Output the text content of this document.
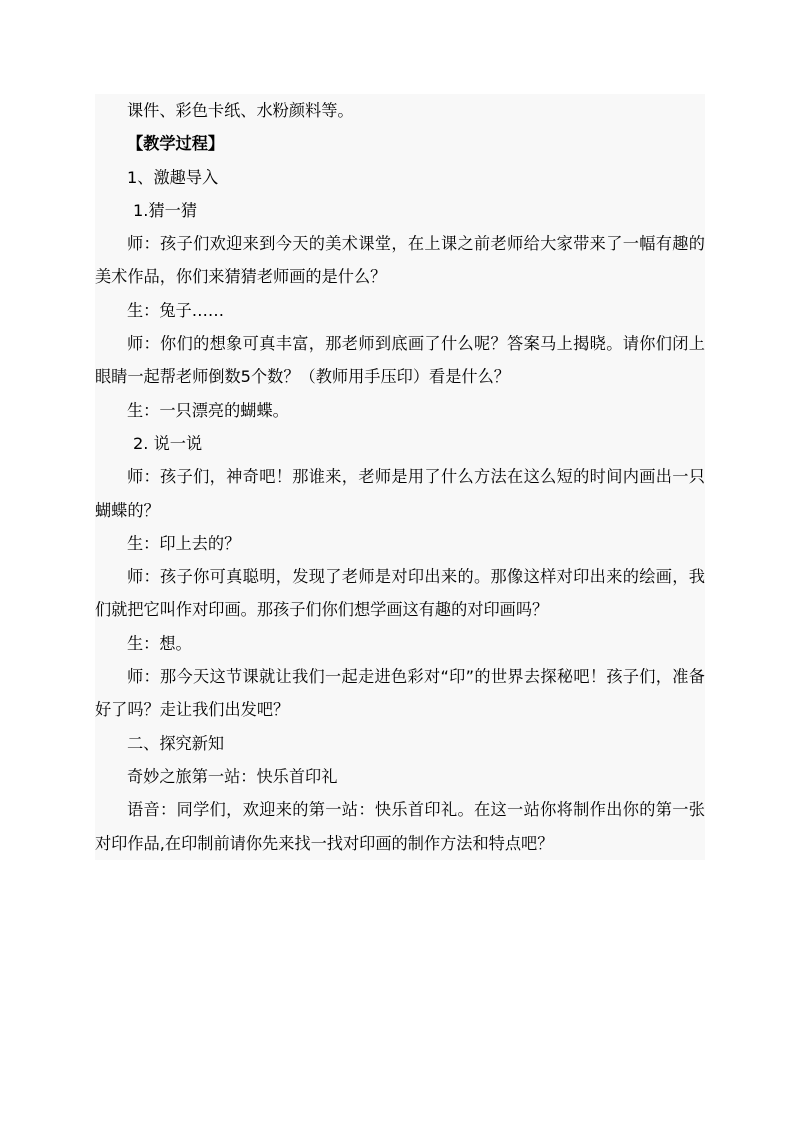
课件、彩色卡纸、水粉颜料等。

【教学过程】

1、激趣导入

1.猜一猜

师：孩子们欢迎来到今天的美术课堂，在上课之前老师给大家带来了一幅有趣的美术作品，你们来猜猜老师画的是什么？

生：兔子……

师：你们的想象可真丰富，那老师到底画了什么呢？答案马上揭晓。请你们闭上眼睛一起帮老师倒数5个数？（教师用手压印）看是什么？

生：一只漂亮的蝴蝶。

2. 说一说

师：孩子们，神奇吧！那谁来，老师是用了什么方法在这么短的时间内画出一只蝴蝶的？

生：印上去的？

师：孩子你可真聪明，发现了老师是对印出来的。那像这样对印出来的绘画，我们就把它叫作对印画。那孩子们你们想学画这有趣的对印画吗？

生：想。

师：那今天这节课就让我们一起走进色彩对“印”的世界去探秘吧！孩子们，准备好了吗？走让我们出发吧？

二、探究新知

奇妙之旅第一站：快乐首印礼

语音：同学们，欢迎来的第一站：快乐首印礼。在这一站你将制作出你的第一张对印作品,在印制前请你先来找一找对印画的制作方法和特点吧？
